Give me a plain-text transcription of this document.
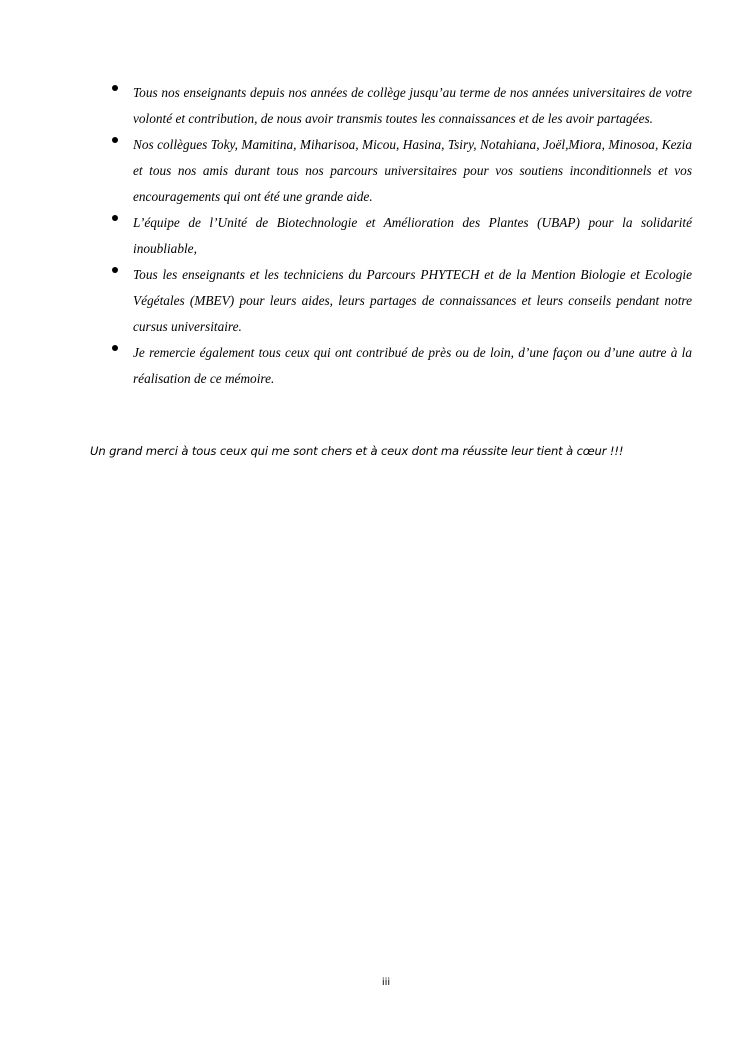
Tous nos enseignants depuis nos années de collège jusqu’au terme de nos années universitaires de votre volonté et contribution, de nous avoir transmis toutes les connaissances et de les avoir partagées.
Nos collègues Toky, Mamitina, Miharisoa, Micou, Hasina, Tsiry, Notahiana, Joël,Miora, Minosoa, Kezia et tous nos amis durant tous nos parcours universitaires pour vos soutiens inconditionnels et vos encouragements qui ont été une grande aide.
L’équipe de l’Unité de Biotechnologie et Amélioration des Plantes (UBAP) pour la solidarité inoubliable,
Tous les enseignants et les techniciens du Parcours PHYTECH et de la Mention Biologie et Ecologie Végétales (MBEV) pour leurs aides, leurs partages de connaissances et leurs conseils pendant notre cursus universitaire.
Je remercie également tous ceux qui ont contribué de près ou de loin, d’une façon ou d’une autre à la réalisation de ce mémoire.
Un grand merci à tous ceux qui me sont chers et à ceux dont ma réussite leur tient à cœur !!!
iii
